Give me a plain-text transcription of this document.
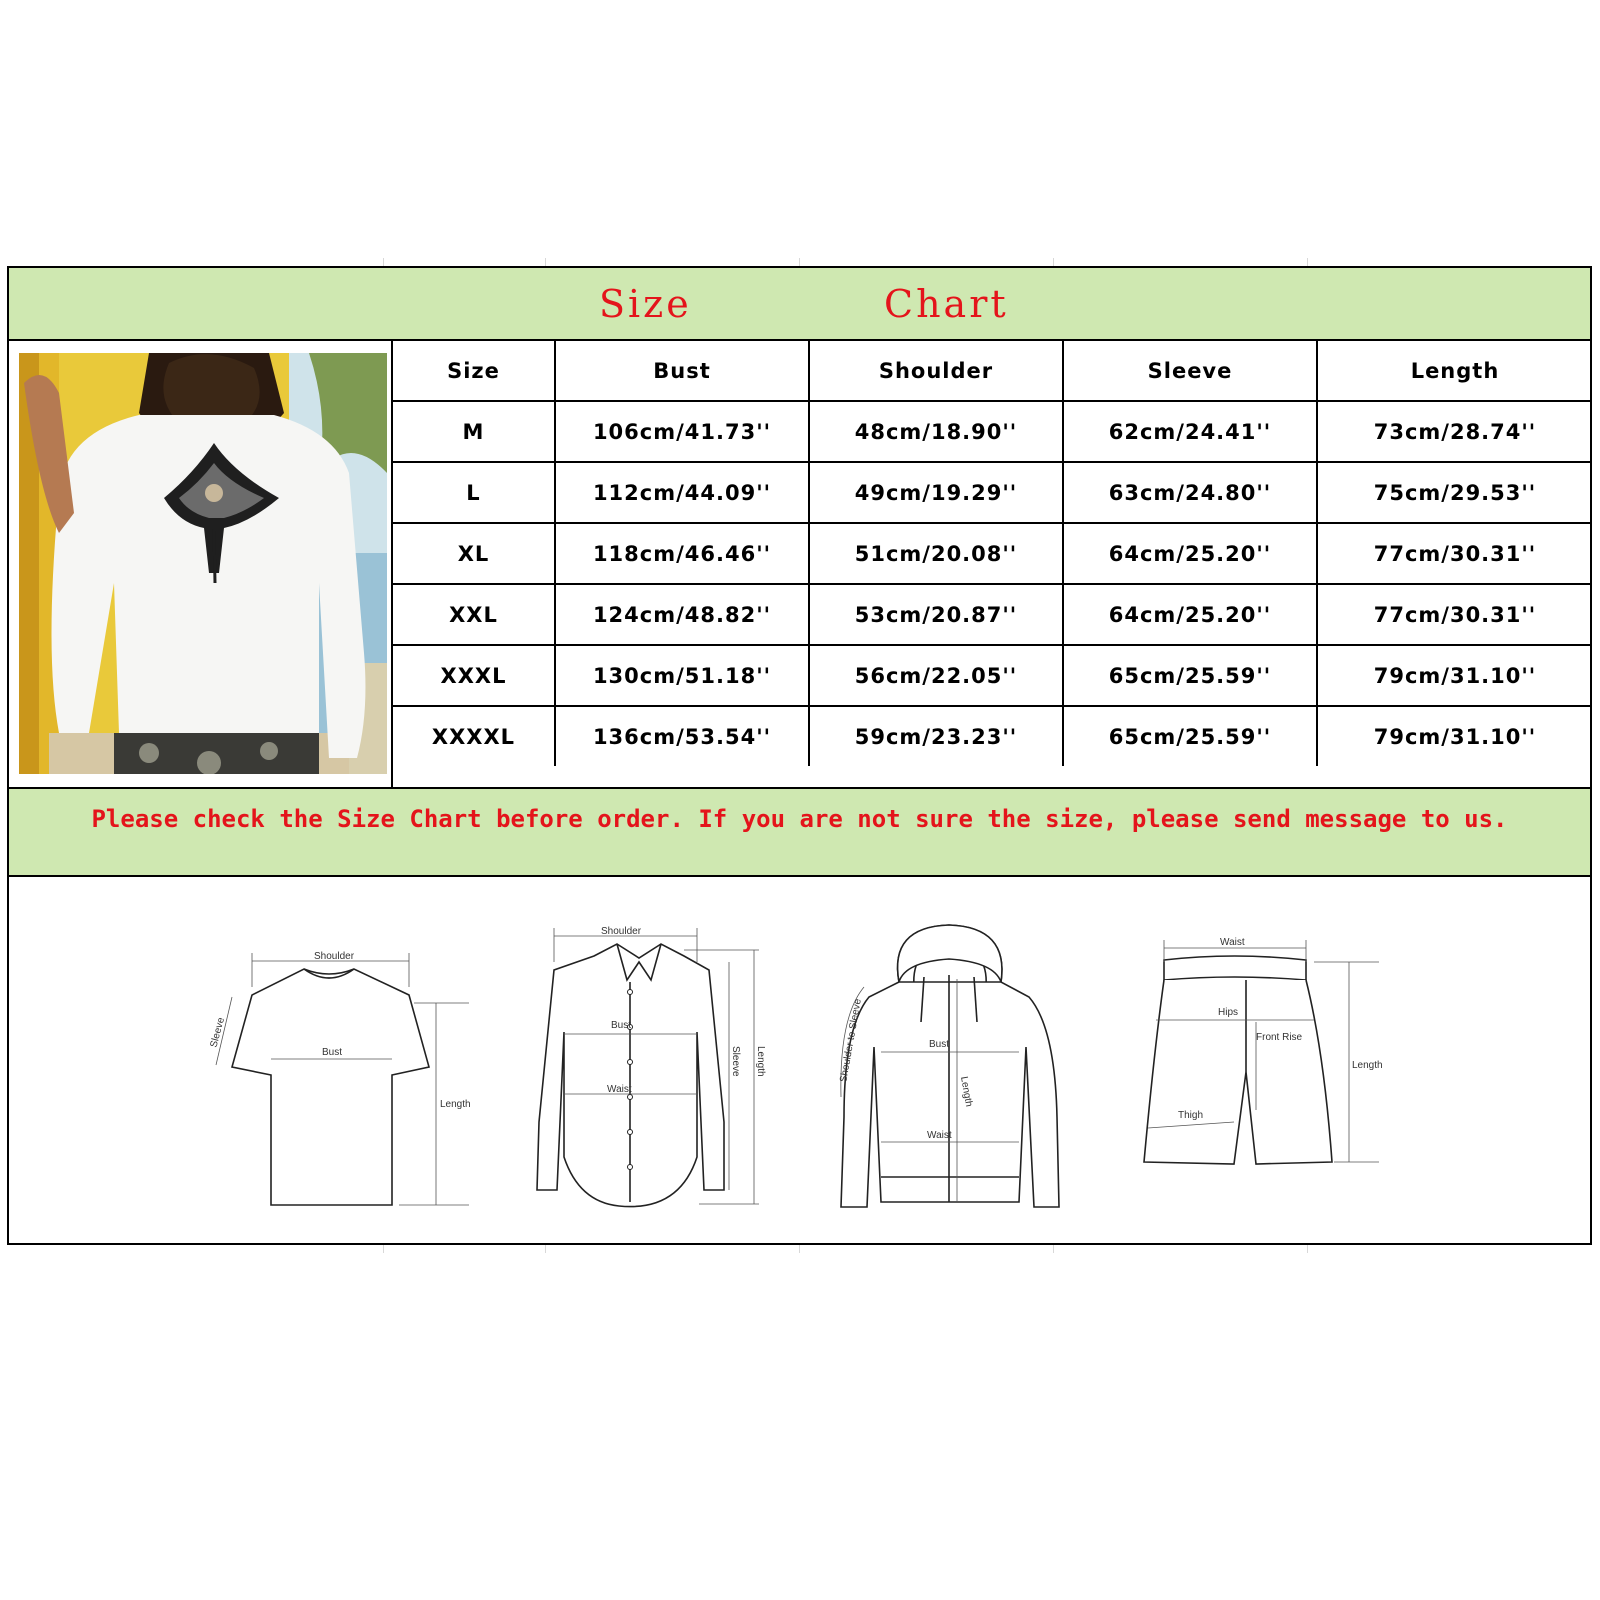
Size	Chart
Size	Bust	Shoulder	Sleeve	Length
M	106cm/41.73''	48cm/18.90''	62cm/24.41''	73cm/28.74''
L	112cm/44.09''	49cm/19.29''	63cm/24.80''	75cm/29.53''
XL	118cm/46.46''	51cm/20.08''	64cm/25.20''	77cm/30.31''
XXL	124cm/48.82''	53cm/20.87''	64cm/25.20''	77cm/30.31''
XXXL	130cm/51.18''	56cm/22.05''	65cm/25.59''	79cm/31.10''
XXXXL	136cm/53.54''	59cm/23.23''	65cm/25.59''	79cm/31.10''
Please check the Size Chart before order. If you are not sure the size, please send message to us.
Shoulder
Bust
Length
Sleeve
Shoulder
Bust
Waist
Sleeve Length
Bust
Waist
Length
Shoulder to Sleeve
Waist
Hips
Front Rise
Thigh
Length
